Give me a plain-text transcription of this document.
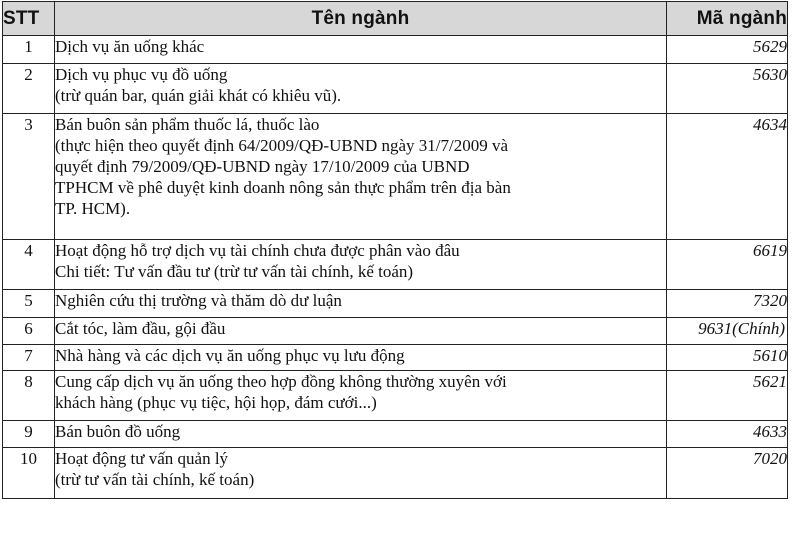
STT	Tên ngành	Mã ngành
1	Dịch vụ ăn uống khác	5629
2	Dịch vụ phục vụ đồ uống
(trừ quán bar, quán giải khát có khiêu vũ).	5630
3	Bán buôn sản phẩm thuốc lá, thuốc lào
(thực hiện theo quyết định 64/2009/QĐ-UBND ngày 31/7/2009 và
quyết định 79/2009/QĐ-UBND ngày 17/10/2009 của UBND
TPHCM về phê duyệt kinh doanh nông sản thực phẩm trên địa bàn
TP. HCM).	4634
4	Hoạt động hỗ trợ dịch vụ tài chính chưa được phân vào đâu
Chi tiết: Tư vấn đầu tư (trừ tư vấn tài chính, kế toán)	6619
5	Nghiên cứu thị trường và thăm dò dư luận	7320
6	Cắt tóc, làm đầu, gội đầu	9631(Chính)
7	Nhà hàng và các dịch vụ ăn uống phục vụ lưu động	5610
8	Cung cấp dịch vụ ăn uống theo hợp đồng không thường xuyên với
khách hàng (phục vụ tiệc, hội họp, đám cưới...)	5621
9	Bán buôn đồ uống	4633
10	Hoạt động tư vấn quản lý
(trừ tư vấn tài chính, kế toán)	7020
